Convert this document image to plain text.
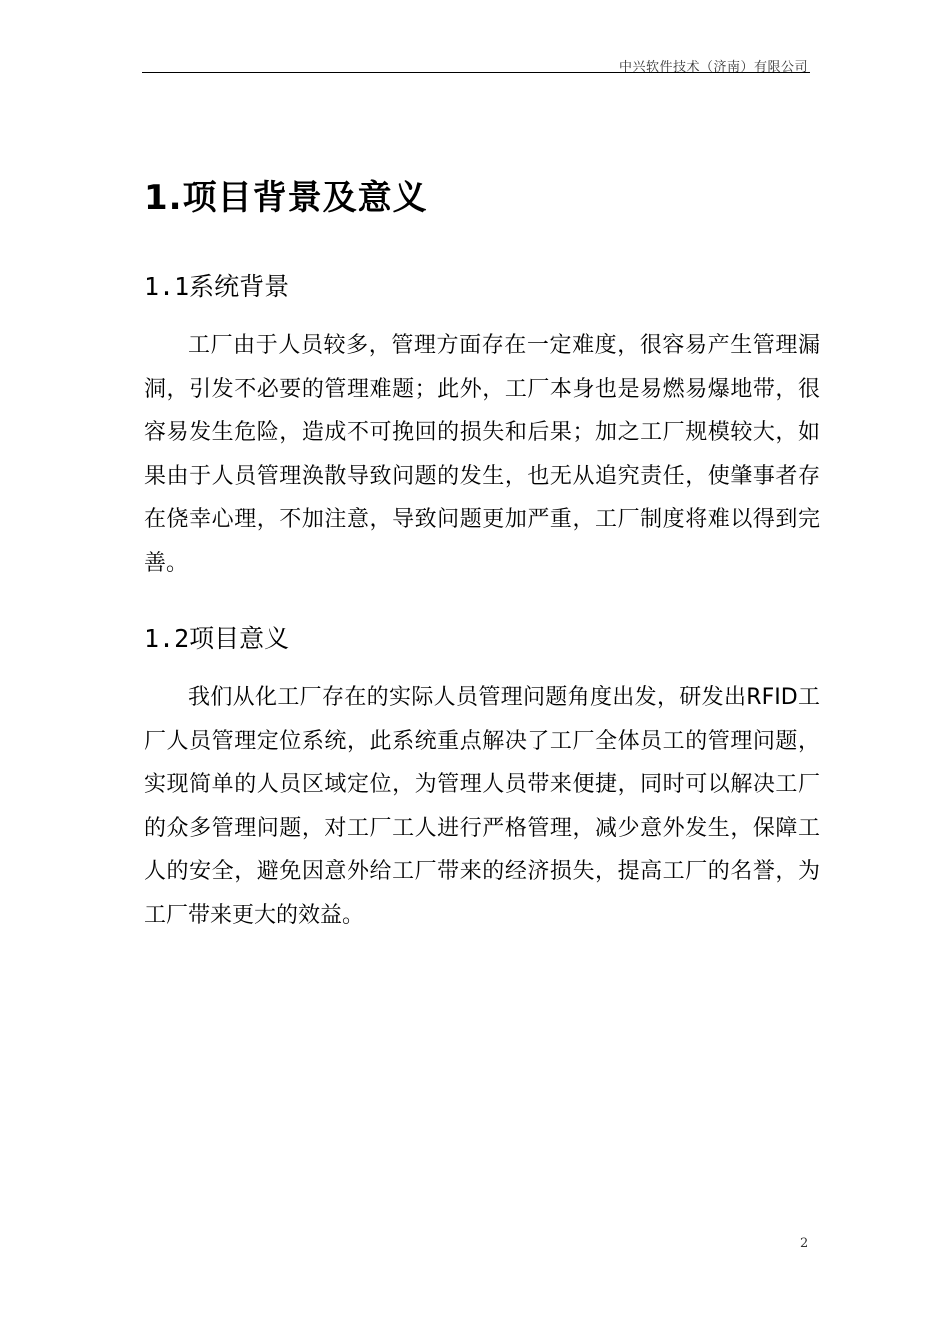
中兴软件技术（济南）有限公司
1.项目背景及意义
1.1系统背景

工厂由于人员较多，管理方面存在一定难度，很容易产生管理漏洞，引发不必要的管理难题；此外，工厂本身也是易燃易爆地带，很容易发生危险，造成不可挽回的损失和后果；加之工厂规模较大，如果由于人员管理涣散导致问题的发生，也无从追究责任，使肇事者存在侥幸心理，不加注意，导致问题更加严重，工厂制度将难以得到完善。

1.2项目意义

我们从化工厂存在的实际人员管理问题角度出发，研发出RFID工厂人员管理定位系统，此系统重点解决了工厂全体员工的管理问题，实现简单的人员区域定位，为管理人员带来便捷，同时可以解决工厂的众多管理问题，对工厂工人进行严格管理，减少意外发生，保障工人的安全，避免因意外给工厂带来的经济损失，提高工厂的名誉，为工厂带来更大的效益。

2
